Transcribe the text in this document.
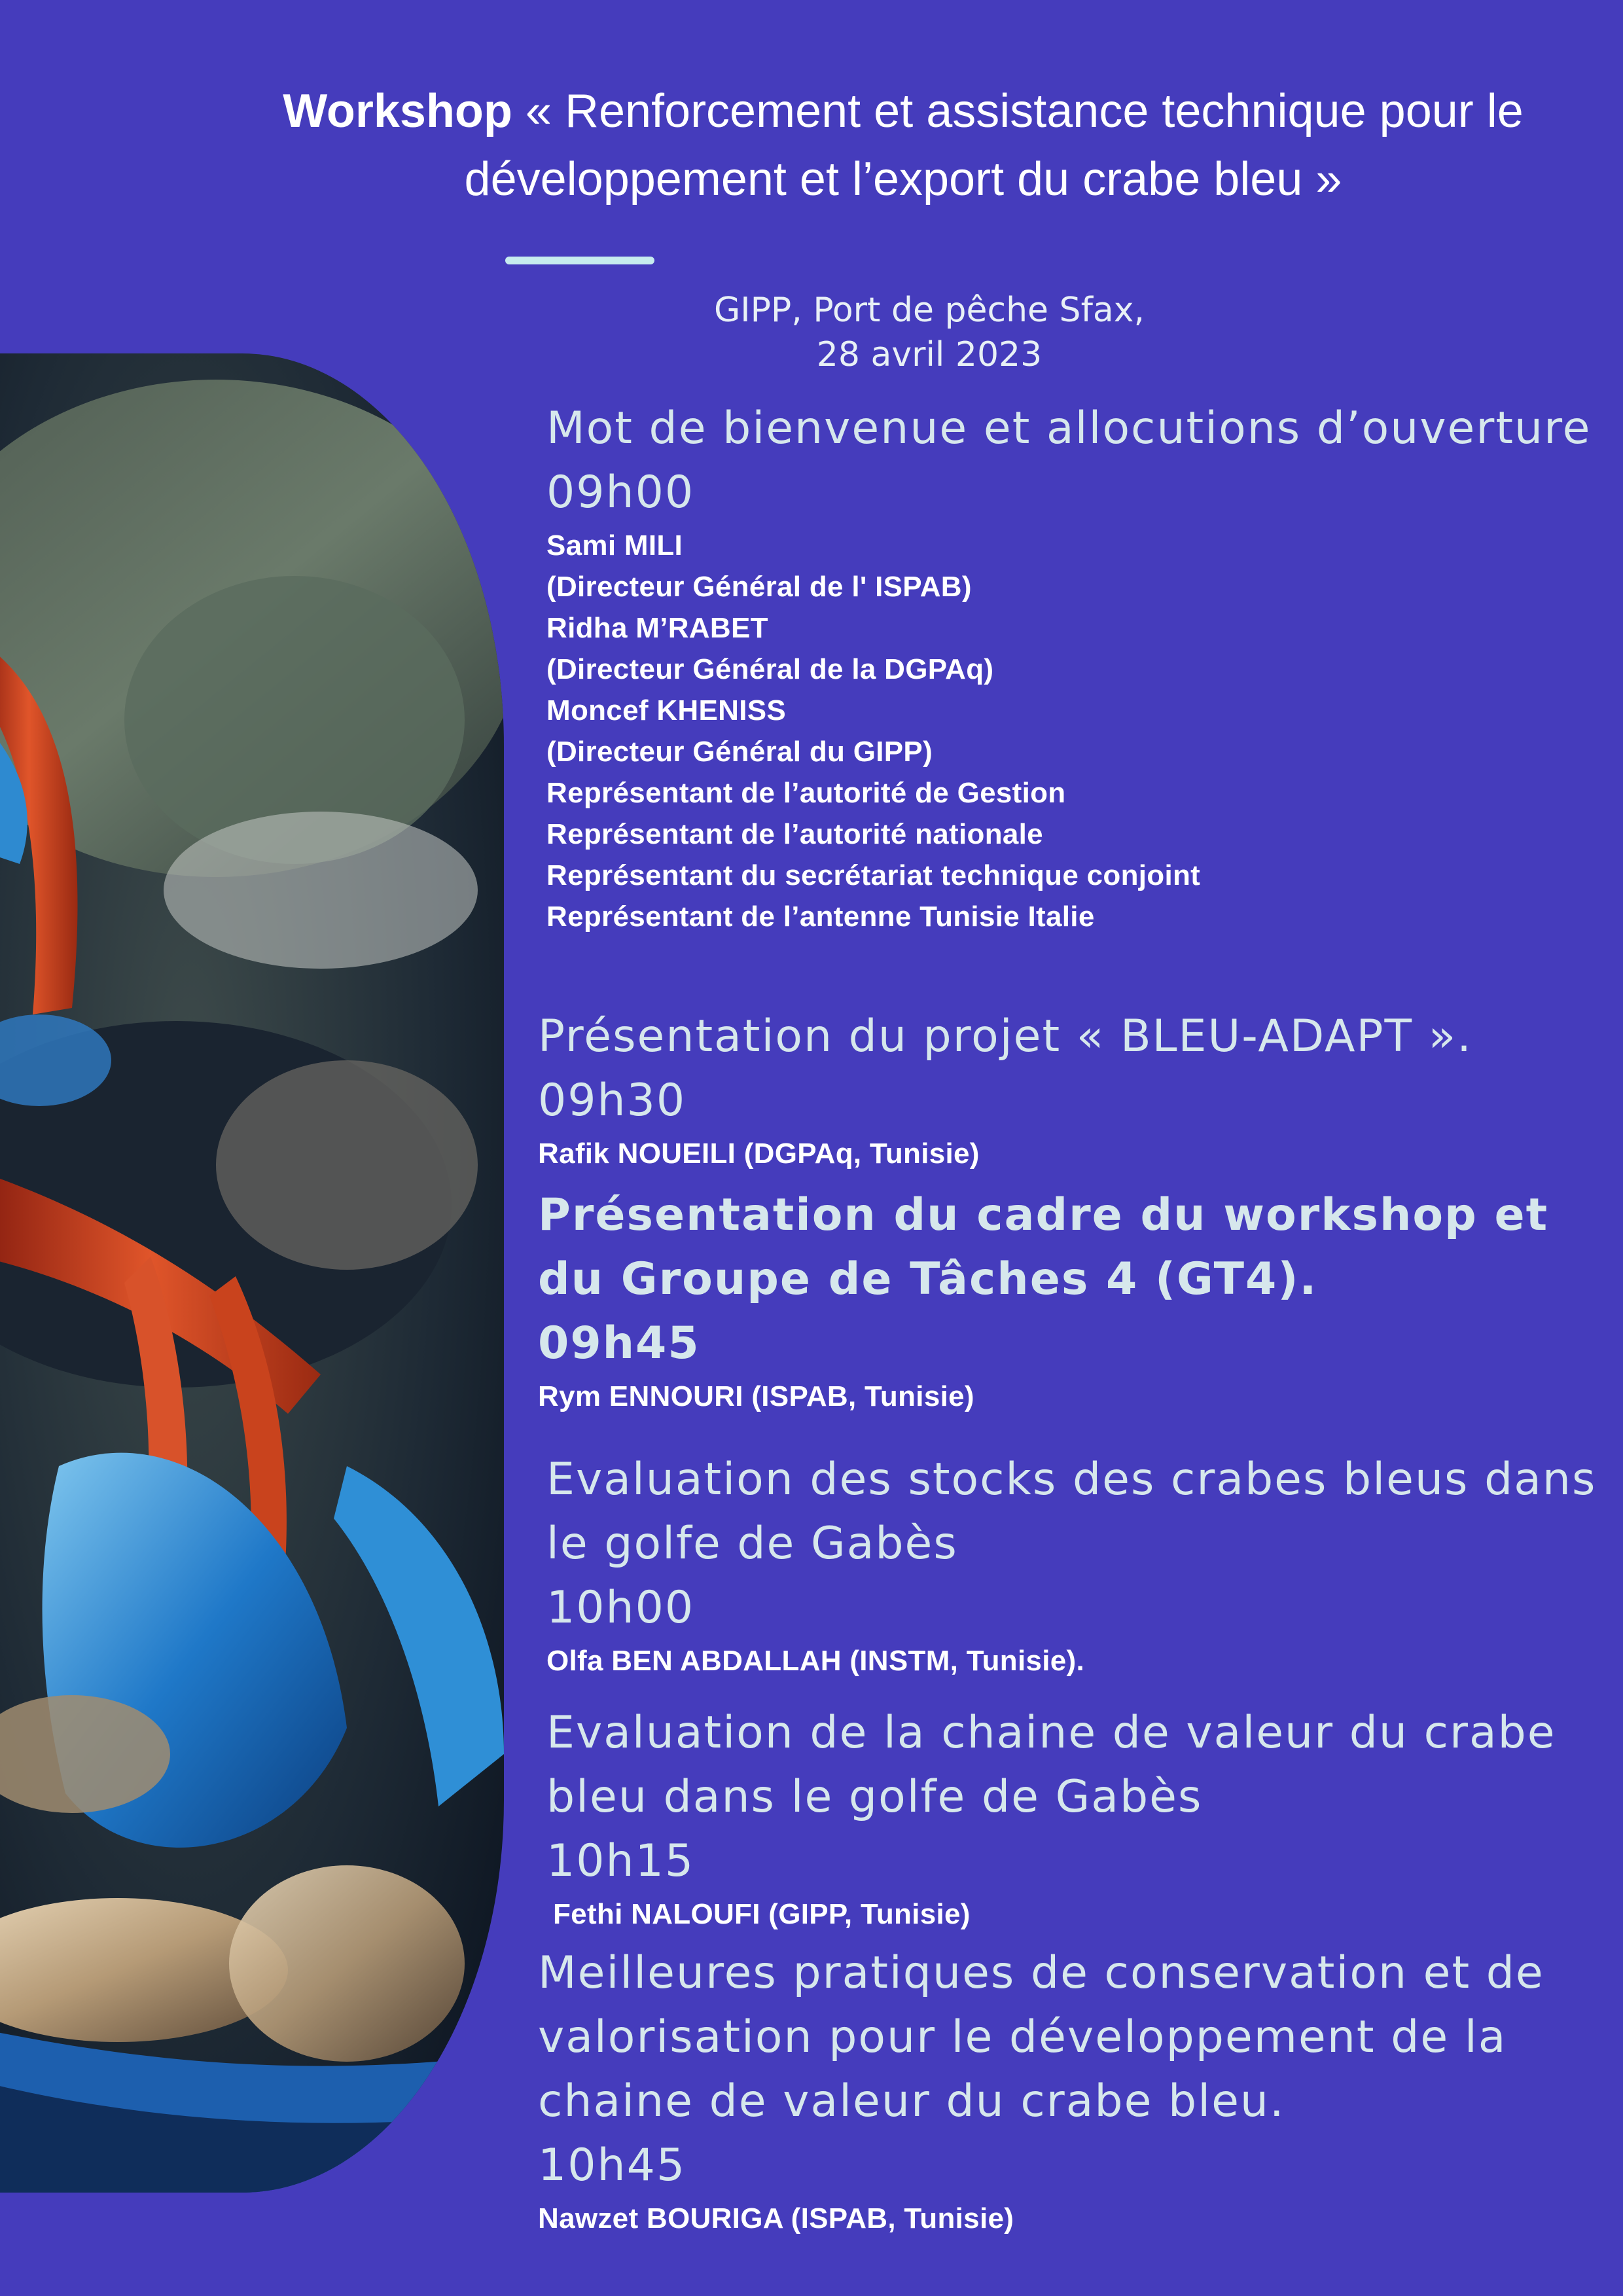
Workshop « Renforcement et assistance technique pour le développement et l’export du crabe bleu »
GIPP, Port de pêche Sfax,
28 avril 2023
Mot de bienvenue et allocutions d’ouverture
09h00
Sami MILI
(Directeur Général de l' ISPAB)
Ridha M’RABET
(Directeur Général de la DGPAq)
Moncef KHENISS
(Directeur Général du GIPP)
Représentant de l’autorité de Gestion
Représentant de l’autorité nationale
Représentant du secrétariat technique conjoint
Représentant de l’antenne Tunisie Italie
Présentation du projet « BLEU-ADAPT ».
09h30
Rafik NOUEILI (DGPAq, Tunisie)
Présentation du cadre du workshop et du Groupe de Tâches 4 (GT4).
09h45
Rym ENNOURI (ISPAB, Tunisie)
Evaluation des stocks des crabes bleus dans le golfe de Gabès
10h00
Olfa BEN ABDALLAH (INSTM, Tunisie).
Evaluation de la chaine de valeur du crabe bleu dans le golfe de Gabès
10h15
Fethi NALOUFI (GIPP, Tunisie)
Meilleures pratiques de conservation et de valorisation pour le développement de la chaine de valeur du crabe bleu.
10h45
Nawzet BOURIGA (ISPAB, Tunisie)
